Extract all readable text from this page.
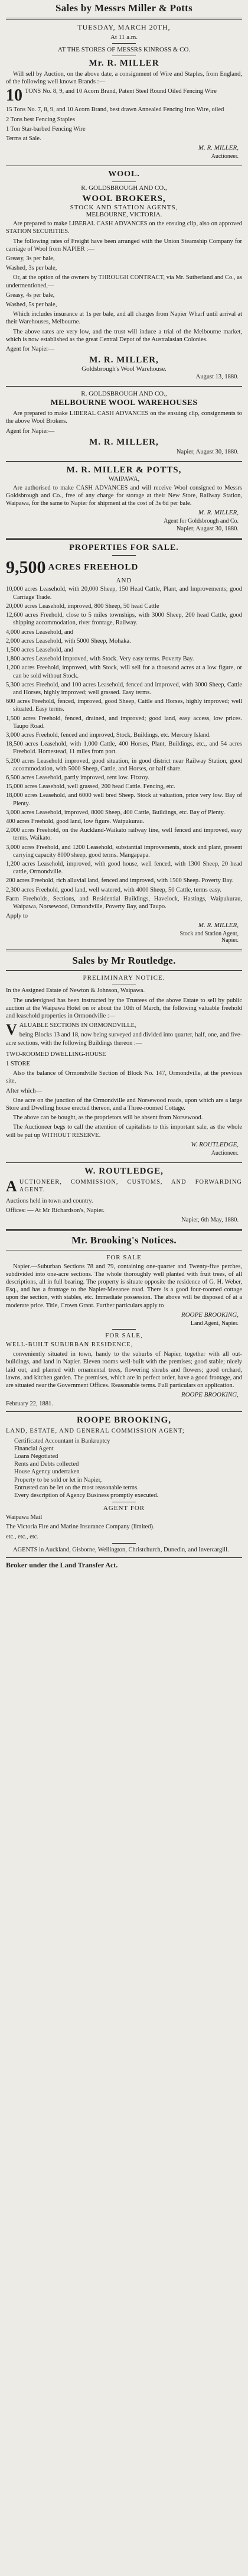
Sales by Messrs Miller & Potts
TUESDAY, MARCH 20TH,
At 11 a.m.
AT THE STORES OF MESSRS KINROSS & CO.
Mr. R. MILLER
Will sell by Auction, on the above date, a consignment of Wire and Staples, from England, of the following well known Brands :—
10 TONS No. 8, 9, and 10 Acorn Brand, Patent Steel Round Oiled Fencing Wire
15 Tons No. 7, 8, 9, and 10 Acorn Brand, best drawn Annealed Fencing Iron Wire, oiled
2 Tons best Fencing Staples
1 Ton Star-barbed Fencing Wire
Terms at Sale.
M. R. MILLER,
Auctioneer.
WOOL.
R. GOLDSBROUGH AND CO.,
WOOL BROKERS,
STOCK AND STATION AGENTS,
MELBOURNE, VICTORIA.
Are prepared to make LIBERAL CASH ADVANCES on the ensuing clip, also on approved STATION SECURITIES.
The following rates of Freight have been arranged with the Union Steamship Company for carriage of Wool from NAPIER :—
Greasy, 3s per bale,
Washed, 3s per bale,
Or, at the option of the owners by THROUGH CONTRACT, via Mr. Sutherland and Co., as undermentioned,—
Greasy, 4s per bale,
Washed, 5s per bale,
Which includes insurance at 1s per bale, and all charges from Napier Wharf until arrival at their Warehouses, Melbourne.
The above rates are very low, and the trust will induce a trial of the Melbourne market, which is now established as the great Central Depot of the Australasian Colonies.
Agent for Napier—
M. R. MILLER,
Goldsbrough's Wool Warehouse.
August 13, 1880.
R. GOLDSBROUGH AND CO.,
MELBOURNE WOOL WAREHOUSES
Are prepared to make LIBERAL CASH ADVANCES on the ensuing clip, consignments to the above Wool Brokers.
Agent for Napier—
M. R. MILLER,
Napier, August 30, 1880.
M. R. MILLER & POTTS,
WAIPAWA,
Are authorised to make CASH ADVANCES and will receive Wool consigned to Messrs Goldsbrough and Co., free of any charge for storage at their New Store, Railway Station, Waipawa, for the same to Napier for shipment at the cost of 3s 6d per bale.
M. R. MILLER,
Agent for Goldsbrough and Co.
Napier, August 30, 1880.
PROPERTIES FOR SALE.
9,500 ACRES FREEHOLD
AND
10,000 acres Leasehold, with 20,000 Sheep, 150 Head Cattle, Plant, and Improvements; good Carriage Trade.
20,000 acres Leasehold, improved, 800 Sheep, 50 head Cattle
12,600 acres Freehold, close to 5 miles townships, with 3000 Sheep, 200 head Cattle, good shipping accommodation, river frontage, Railway.
4,000 acres Leasehold, and
2,000 acres Leasehold, with 5000 Sheep, Mohaka.
1,500 acres Leasehold, and
1,800 acres Leasehold improved, with Stock. Very easy terms. Poverty Bay.
1,200 acres Freehold, improved, with Stock, will sell for a thousand acres at a low figure, or can be sold without Stock.
5,300 acres Freehold, and 100 acres Leasehold, fenced and improved, with 3000 Sheep, Cattle and Horses, highly improved; well grassed. Easy terms.
600 acres Freehold, fenced, improved, good Sheep, Cattle and Horses, highly improved; well situated. Easy terms.
1,500 acres Freehold, fenced, drained, and improved; good land, easy access, low prices. Taupo Road.
3,000 acres Freehold, fenced and improved, Stock, Buildings, etc. Mercury Island.
18,500 acres Leasehold, with 1,000 Cattle, 400 Horses, Plant, Buildings, etc., and 54 acres Freehold. Homestead, 11 miles from port.
5,200 acres Leasehold improved, good situation, in good district near Railway Station, good accommodation, with 5000 Sheep, Cattle, and Horses, or half share.
6,500 acres Leasehold, partly improved, rent low. Fitzroy.
15,000 acres Leasehold, well grassed, 200 head Cattle. Fencing, etc.
18,000 acres Leasehold, and 6000 well bred Sheep. Stock at valuation, price very low. Bay of Plenty.
3,000 acres Leasehold, improved, 8000 Sheep, 400 Cattle, Buildings, etc. Bay of Plenty.
400 acres Freehold, good land, low figure. Waipukurau.
2,000 acres Freehold, on the Auckland-Waikato railway line, well fenced and improved, easy terms. Waikato.
3,000 acres Freehold, and 1200 Leasehold, substantial improvements, stock and plant, present carrying capacity 8000 sheep, good terms. Mangapapa.
1,200 acres Leasehold, improved, with good house, well fenced, with 1300 Sheep, 20 head cattle, Ormondville.
200 acres Freehold, rich alluvial land, fenced and improved, with 1500 Sheep. Poverty Bay.
2,300 acres Freehold, good land, well watered, with 4000 Sheep, 50 Cattle, terms easy.
Farm Freeholds, Sections, and Residential Buildings, Havelock, Hastings, Waipukurau, Waipawa, Norsewood, Ormondville, Poverty Bay, and Taupo.
Apply to
M. R. MILLER,
Stock and Station Agent,
Napier.
Sales by Mr Routledge.
PRELIMINARY NOTICE.
In the Assigned Estate of Newton & Johnson, Waipawa.
The undersigned has been instructed by the Trustees of the above Estate to sell by public auction at the Waipawa Hotel on or about the 10th of March, the following valuable freehold and leasehold properties in Ormondville :—
V ALUABLE SECTIONS IN ORMONDVILLE,
being Blocks 13 and 18, now being surveyed and divided into quarter, half, one, and five-acre sections, with the following Buildings thereon :—
TWO-ROOMED DWELLING-HOUSE
1 STORE
Also the balance of Ormondville Section of Block No. 147, Ormondville, at the previous site,
After which—
One acre on the junction of the Ormondville and Norsewood roads, upon which are a large Store and Dwelling house erected thereon, and a Three-roomed Cottage.
The above can be bought, as the proprietors will be absent from Norsewood.
The Auctioneer begs to call the attention of capitalists to this important sale, as the whole will be put up WITHOUT RESERVE.
W. ROUTLEDGE,
Auctioneer.
W. ROUTLEDGE,
A UCTIONEER, COMMISSION, CUSTOMS, AND FORWARDING AGENT.
Auctions held in town and country.
Offices: — At Mr Richardson's, Napier.
Napier, 6th May, 1880.
Mr. Brooking's Notices.
FOR SALE
Napier.—Suburban Sections 78 and 79, containing one-quarter and Twenty-five perches, subdivided into one-acre sections. The whole thoroughly well planted with fruit trees, of all descriptions, all in full bearing. The property is situate opposite the residence of G. H. Weber, Esq., and has a frontage to the Napier-Meeanee road. There is a good four-roomed cottage upon the section, with stables, etc. Immediate possession. The above will be disposed of at a moderate price. Title, Crown Grant. Further particulars apply to
ROOPE BROOKING,
Land Agent, Napier.
FOR SALE,
WELL-BUILT SUBURBAN RESIDENCE,
conveniently situated in town, handy to the suburbs of Napier, together with all out-buildings, and land in Napier. Eleven rooms well-built with the premises; good stable; nicely laid out, and planted with ornamental trees, flowering shrubs and flowers; good orchard, lawns, and kitchen garden. The premises, which are in perfect order, have a good frontage, and are situated near the Government Offices. Reasonable terms. Full particulars on application.
ROOPE BROOKING,
February 22, 1881.
ROOPE BROOKING,
LAND, ESTATE, AND GENERAL COMMISSION AGENT;
Certificated Accountant in Bankruptcy
Financial Agent
Loans Negotiated
Rents and Debts collected
House Agency undertaken
Property to be sold or let in Napier,
Entrusted can be let on the most reasonable terms.
Every description of Agency Business promptly executed.
AGENT FOR
Waipawa Mail
The Victoria Fire and Marine Insurance Company (limited).
etc., etc., etc.
AGENTS in Auckland, Gisborne, Wellington, Christchurch, Dunedin, and Invercargill.
Broker under the Land Transfer Act.
